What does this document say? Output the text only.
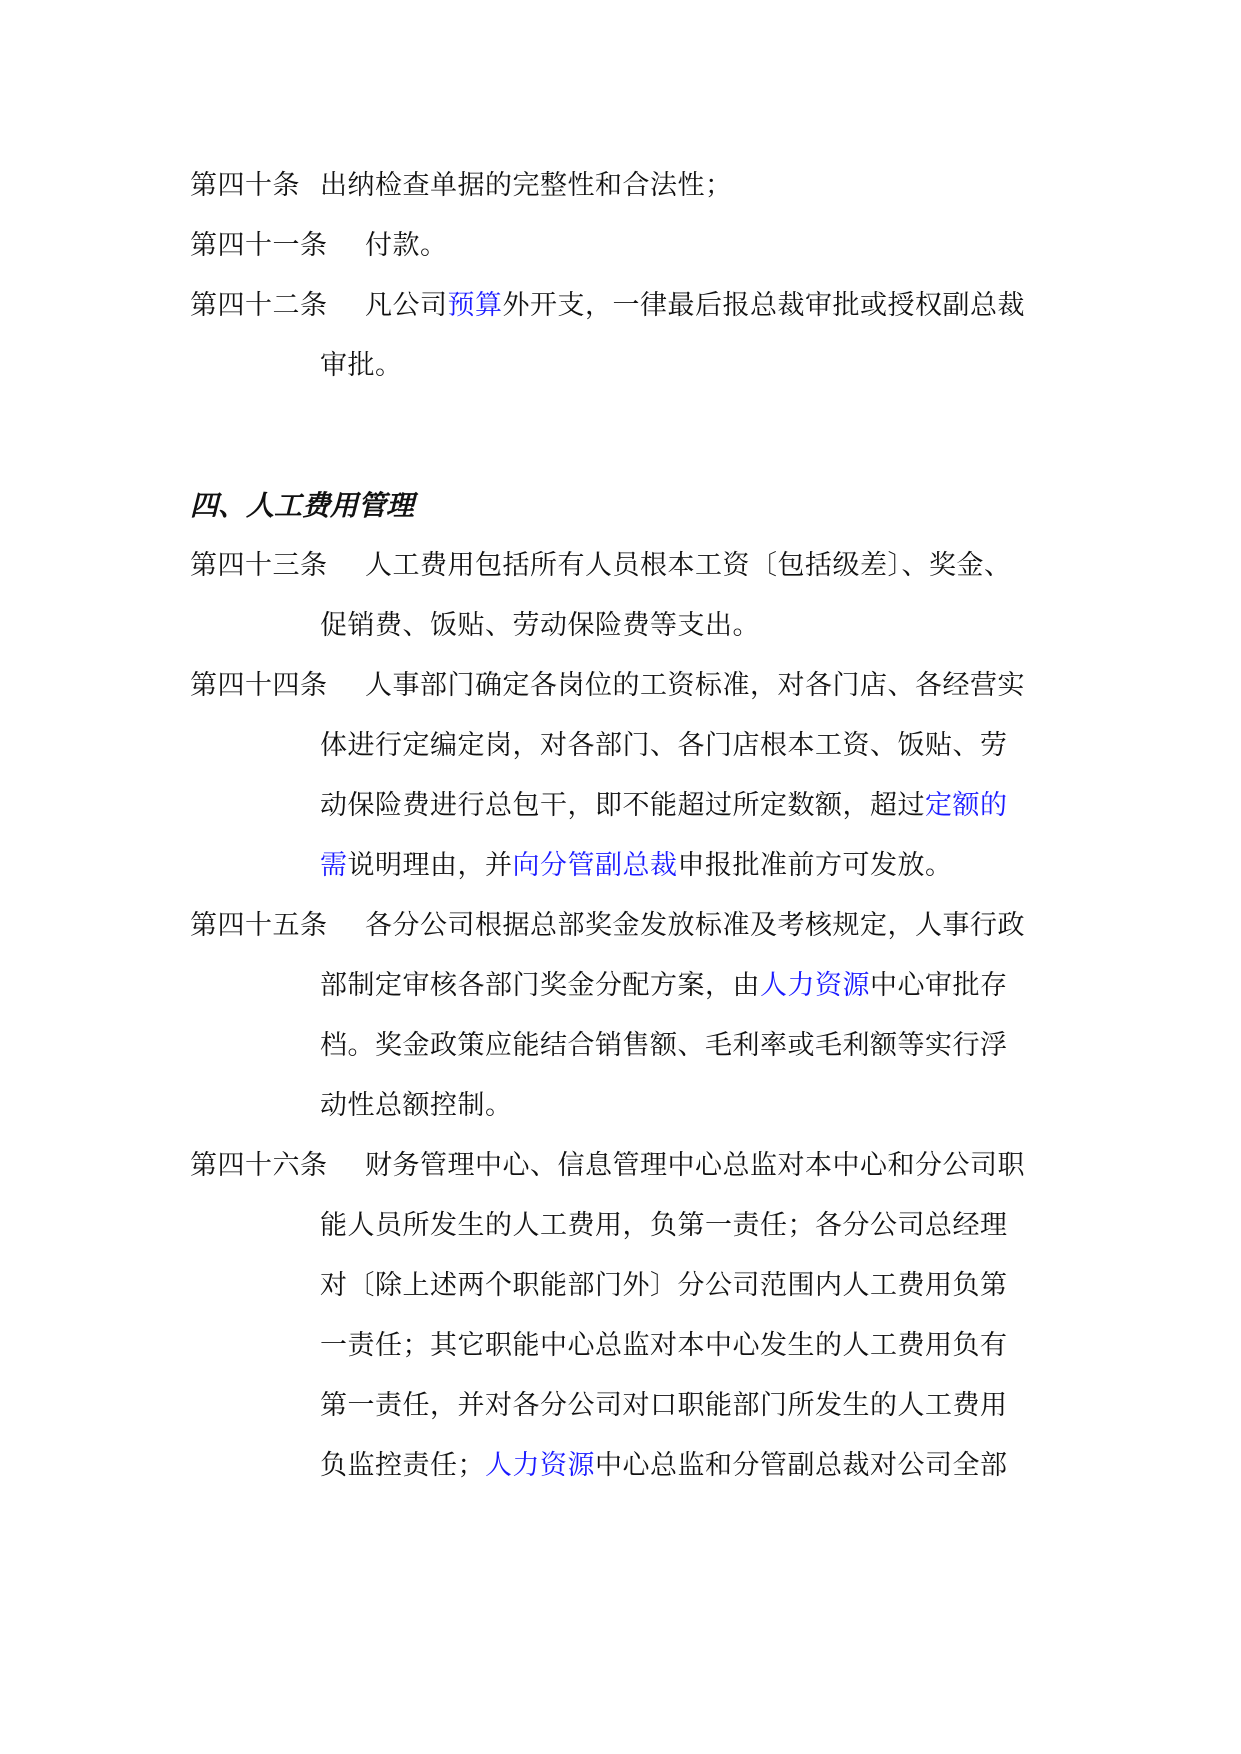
第四十条 出纳检查单据的完整性和合法性；
第四十一条 付款。
第四十二条 凡公司预算外开支，一律最后报总裁审批或授权副总裁
审批。
四、人工费用管理
第四十三条 人工费用包括所有人员根本工资〔包括级差〕、奖金、
促销费、饭贴、劳动保险费等支出。
第四十四条 人事部门确定各岗位的工资标准，对各门店、各经营实
体进行定编定岗，对各部门、各门店根本工资、饭贴、劳
动保险费进行总包干，即不能超过所定数额，超过定额的
需说明理由，并向分管副总裁申报批准前方可发放。
第四十五条 各分公司根据总部奖金发放标准及考核规定，人事行政
部制定审核各部门奖金分配方案，由人力资源中心审批存
档。奖金政策应能结合销售额、毛利率或毛利额等实行浮
动性总额控制。
第四十六条 财务管理中心、信息管理中心总监对本中心和分公司职
能人员所发生的人工费用，负第一责任；各分公司总经理
对〔除上述两个职能部门外〕分公司范围内人工费用负第
一责任；其它职能中心总监对本中心发生的人工费用负有
第一责任，并对各分公司对口职能部门所发生的人工费用
负监控责任；人力资源中心总监和分管副总裁对公司全部
